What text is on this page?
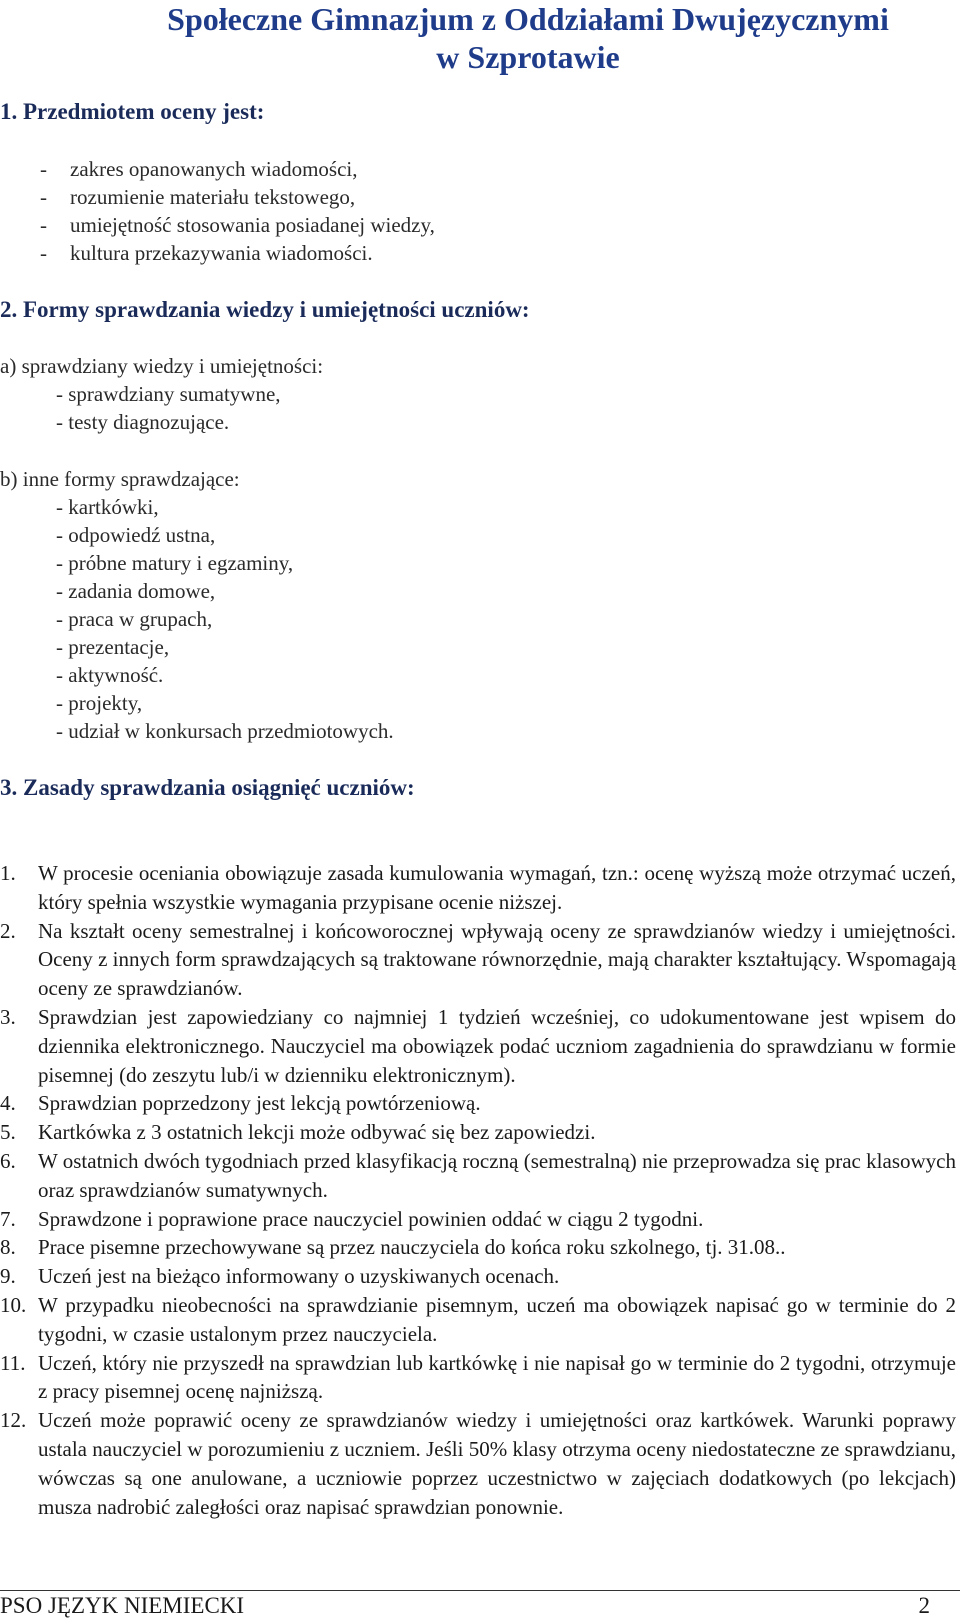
Społeczne Gimnazjum z Oddziałami Dwujęzycznymi
w Szprotawie
1. Przedmiotem oceny jest:
- zakres opanowanych wiadomości,
- rozumienie materiału tekstowego,
- umiejętność stosowania posiadanej wiedzy,
- kultura przekazywania wiadomości.
2. Formy sprawdzania wiedzy i umiejętności uczniów:
a) sprawdziany wiedzy i umiejętności:
- sprawdziany sumatywne,
- testy diagnozujące.
b) inne formy sprawdzające:
- kartkówki,
- odpowiedź ustna,
- próbne matury i egzaminy,
- zadania domowe,
- praca w grupach,
- prezentacje,
- aktywność.
- projekty,
- udział w konkursach przedmiotowych.
3. Zasady sprawdzania osiągnięć uczniów:
1.	W procesie oceniania obowiązuje zasada kumulowania wymagań, tzn.: ocenę wyższą może otrzymać uczeń, który spełnia wszystkie wymagania przypisane ocenie niższej.
2.	Na kształt oceny semestralnej i końcoworocznej wpływają oceny ze sprawdzianów wiedzy i umiejętności. Oceny z innych form sprawdzających są traktowane równorzędnie, mają charakter kształtujący. Wspomagają oceny ze sprawdzianów.
3.	Sprawdzian jest zapowiedziany co najmniej 1 tydzień wcześniej, co udokumentowane jest wpisem do dziennika elektronicznego. Nauczyciel ma obowiązek podać uczniom zagadnienia do sprawdzianu w formie pisemnej (do zeszytu lub/i w dzienniku elektronicznym).
4.	Sprawdzian poprzedzony jest lekcją powtórzeniową.
5.	Kartkówka z 3 ostatnich lekcji może odbywać się bez zapowiedzi.
6.	W ostatnich dwóch tygodniach przed klasyfikacją roczną (semestralną) nie przeprowadza się prac klasowych oraz sprawdzianów sumatywnych.
7.	Sprawdzone i poprawione prace nauczyciel powinien oddać w ciągu 2 tygodni.
8.	Prace pisemne przechowywane są przez nauczyciela do końca roku szkolnego, tj. 31.08..
9.	Uczeń jest na bieżąco informowany o uzyskiwanych ocenach.
10. W przypadku nieobecności na sprawdzianie pisemnym, uczeń ma obowiązek napisać go w terminie do 2 tygodni, w czasie ustalonym przez nauczyciela.
11. Uczeń, który nie przyszedł na sprawdzian lub kartkówkę i nie napisał go w terminie do 2 tygodni, otrzymuje z pracy pisemnej ocenę najniższą.
12. Uczeń może poprawić oceny ze sprawdzianów wiedzy i umiejętności oraz kartkówek. Warunki poprawy ustala nauczyciel w porozumieniu z uczniem. Jeśli 50% klasy otrzyma oceny niedostateczne ze sprawdzianu, wówczas są one anulowane, a uczniowie poprzez uczestnictwo w zajęciach dodatkowych (po lekcjach) musza nadrobić zaległości oraz napisać sprawdzian ponownie.
PSO JĘZYK NIEMIECKI	2
